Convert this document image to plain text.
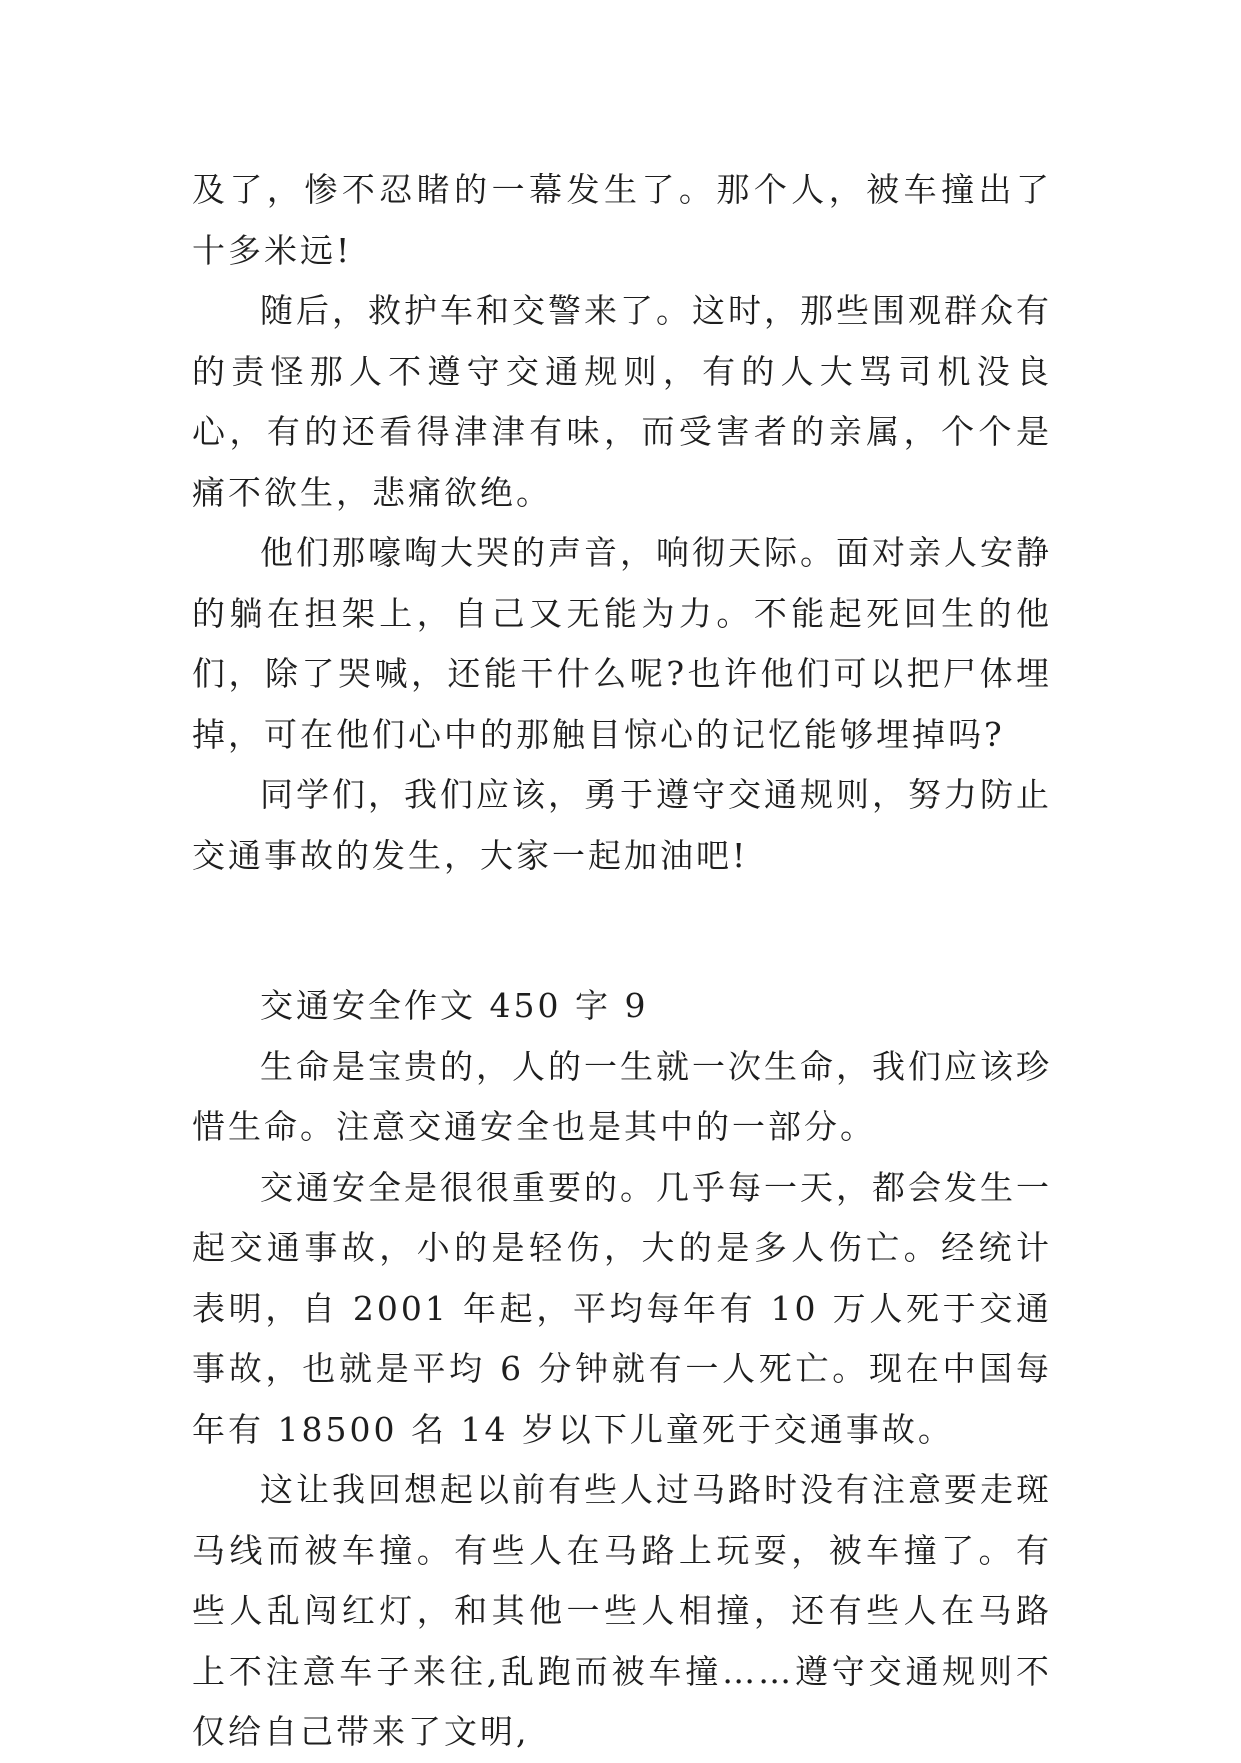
及了，惨不忍睹的一幕发生了。那个人，被车撞出了十多米远!

随后，救护车和交警来了。这时，那些围观群众有的责怪那人不遵守交通规则，有的人大骂司机没良心，有的还看得津津有味，而受害者的亲属，个个是痛不欲生，悲痛欲绝。

他们那嚎啕大哭的声音，响彻天际。面对亲人安静的躺在担架上，自己又无能为力。不能起死回生的他们，除了哭喊，还能干什么呢?也许他们可以把尸体埋掉，可在他们心中的那触目惊心的记忆能够埋掉吗?

同学们，我们应该，勇于遵守交通规则，努力防止交通事故的发生，大家一起加油吧!

交通安全作文 450 字 9

生命是宝贵的，人的一生就一次生命，我们应该珍惜生命。注意交通安全也是其中的一部分。

交通安全是很很重要的。几乎每一天，都会发生一起交通事故，小的是轻伤，大的是多人伤亡。经统计表明，自 2001 年起，平均每年有 10 万人死于交通事故，也就是平均 6 分钟就有一人死亡。现在中国每年有 18500 名 14 岁以下儿童死于交通事故。

这让我回想起以前有些人过马路时没有注意要走斑马线而被车撞。有些人在马路上玩耍，被车撞了。有些人乱闯红灯，和其他一些人相撞，还有些人在马路上不注意车子来往,乱跑而被车撞……遵守交通规则不仅给自己带来了文明,
